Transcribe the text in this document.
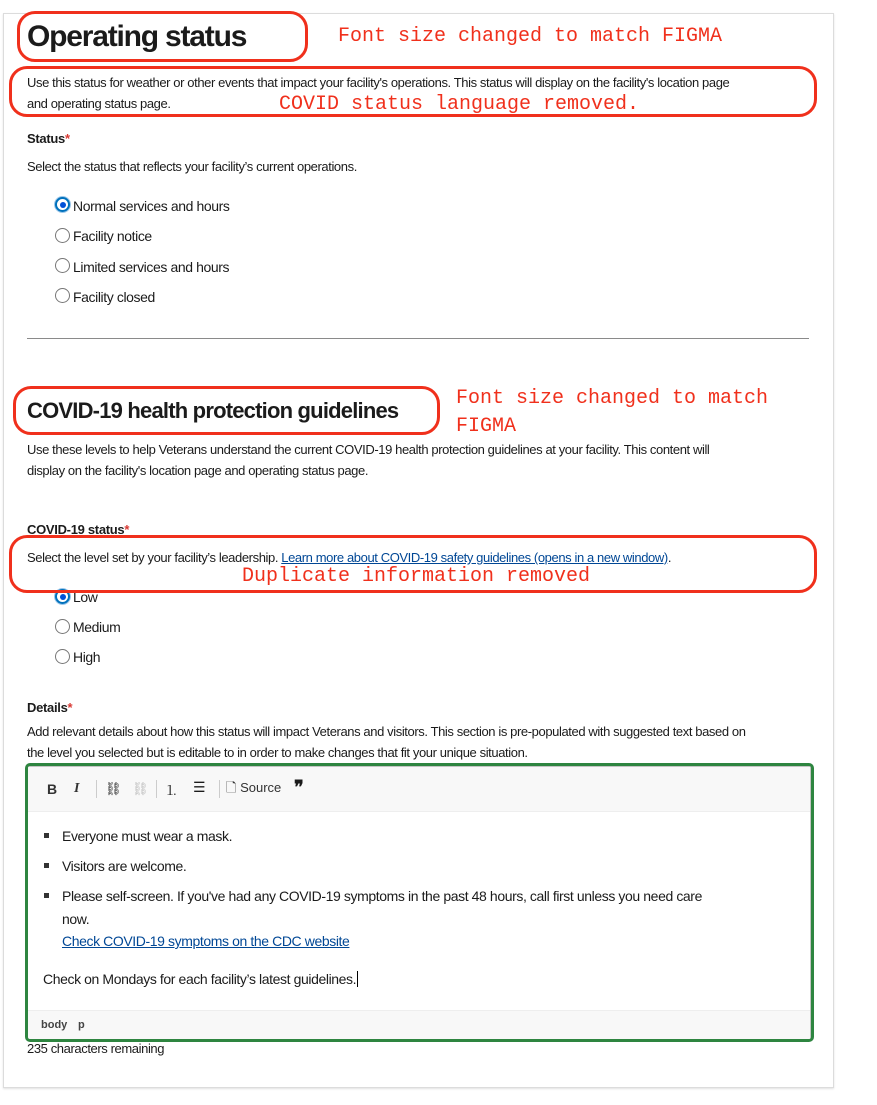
Operating status
Use this status for weather or other events that impact your facility's operations. This status will display on the facility's location page
and operating status page.
Status*
Select the status that reflects your facility’s current operations.
Normal services and hours
Facility notice
Limited services and hours
Facility closed
COVID-19 health protection guidelines
Use these levels to help Veterans understand the current COVID-19 health protection guidelines at your facility. This content will
display on the facility's location page and operating status page.
COVID-19 status*
Select the level set by your facility’s leadership. Learn more about COVID-19 safety guidelines (opens in a new window).
Low
Medium
High
Details*
Add relevant details about how this status will impact Veterans and visitors. This section is pre-populated with suggested text based on
the level you selected but is editable to in order to make changes that fit your unique situation.
B I ⛓ ⛓ ⒈ ☰ 🗋 Source ❞
Everyone must wear a mask.
Visitors are welcome.
Please self-screen. If you've had any COVID-19 symptoms in the past 48 hours, call first unless you need care
now.
Check COVID-19 symptoms on the CDC website
Check on Mondays for each facility’s latest guidelines.
body p
235 characters remaining
Font size changed to match FIGMA
COVID status language removed.
Font size changed to match
FIGMA
Duplicate information removed
